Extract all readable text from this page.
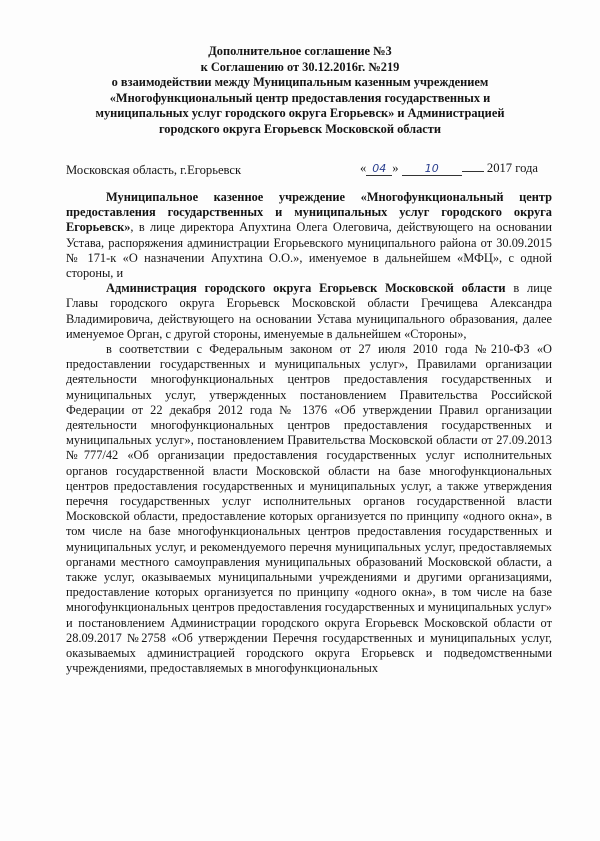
Дополнительное соглашение №3
к Соглашению от 30.12.2016г. №219
о взаимодействии между Муниципальным казенным учреждением
«Многофункциональный центр предоставления государственных и
муниципальных услуг городского округа Егорьевск» и Администрацией
городского округа Егорьевск Московской области
Московская область, г.Егорьевск	« 04 » 10	2017 года

Муниципальное казенное учреждение «Многофункциональный центр предоставления государственных и муниципальных услуг городского округа Егорьевск», в лице директора Апухтина Олега Олеговича, действующего на основании Устава, распоряжения администрации Егорьевского муниципального района от 30.09.2015 № 171-к «О назначении Апухтина О.О.», именуемое в дальнейшем «МФЦ», с одной стороны, и

Администрация городского округа Егорьевск Московской области в лице Главы городского округа Егорьевск Московской области Гречищева Александра Владимировича, действующего на основании Устава муниципального образования, далее именуемое Орган, с другой стороны, именуемые в дальнейшем «Стороны»,

в соответствии с Федеральным законом от 27 июля 2010 года №210-ФЗ «О предоставлении государственных и муниципальных услуг», Правилами организации деятельности многофункциональных центров предоставления государственных и муниципальных услуг, утвержденных постановлением Правительства Российской Федерации от 22 декабря 2012 года № 1376 «Об утверждении Правил организации деятельности многофункциональных центров предоставления государственных и муниципальных услуг», постановлением Правительства Московской области от 27.09.2013 №777/42 «Об организации предоставления государственных услуг исполнительных органов государственной власти Московской области на базе многофункциональных центров предоставления государственных и муниципальных услуг, а также утверждения перечня государственных услуг исполнительных органов государственной власти Московской области, предоставление которых организуется по принципу «одного окна», в том числе на базе многофункциональных центров предоставления государственных и муниципальных услуг, и рекомендуемого перечня муниципальных услуг, предоставляемых органами местного самоуправления муниципальных образований Московской области, а также услуг, оказываемых муниципальными учреждениями и другими организациями, предоставление которых организуется по принципу «одного окна», в том числе на базе многофункциональных центров предоставления государственных и муниципальных услуг» и постановлением Администрации городского округа Егорьевск Московской области от 28.09.2017 №2758 «Об утверждении Перечня государственных и муниципальных услуг, оказываемых администрацией городского округа Егорьевск и подведомственными учреждениями, предоставляемых в многофункциональных
